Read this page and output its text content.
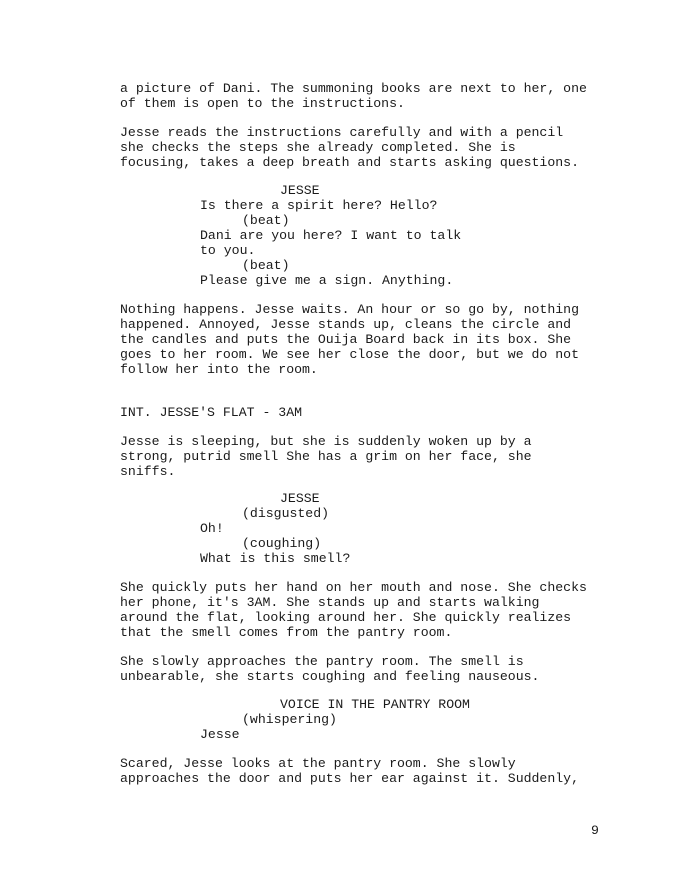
a picture of Dani. The summoning books are next to her, one

of them is open to the instructions.

Jesse reads the instructions carefully and with a pencil

she checks the steps she already completed. She is

focusing, takes a deep breath and starts asking questions.

JESSE

Is there a spirit here? Hello?

(beat)

Dani are you here? I want to talk

to you.

(beat)

Please give me a sign. Anything.

Nothing happens. Jesse waits. An hour or so go by, nothing

happened. Annoyed, Jesse stands up, cleans the circle and

the candles and puts the Ouija Board back in its box. She

goes to her room. We see her close the door, but we do not

follow her into the room.

INT. JESSE'S FLAT - 3AM

Jesse is sleeping, but she is suddenly woken up by a

strong, putrid smell She has a grim on her face, she

sniffs.

JESSE

(disgusted)

Oh!

(coughing)

What is this smell?

She quickly puts her hand on her mouth and nose. She checks

her phone, it's 3AM. She stands up and starts walking

around the flat, looking around her. She quickly realizes

that the smell comes from the pantry room.

She slowly approaches the pantry room. The smell is

unbearable, she starts coughing and feeling nauseous.

VOICE IN THE PANTRY ROOM

(whispering)

Jesse

Scared, Jesse looks at the pantry room. She slowly

approaches the door and puts her ear against it. Suddenly,

9
